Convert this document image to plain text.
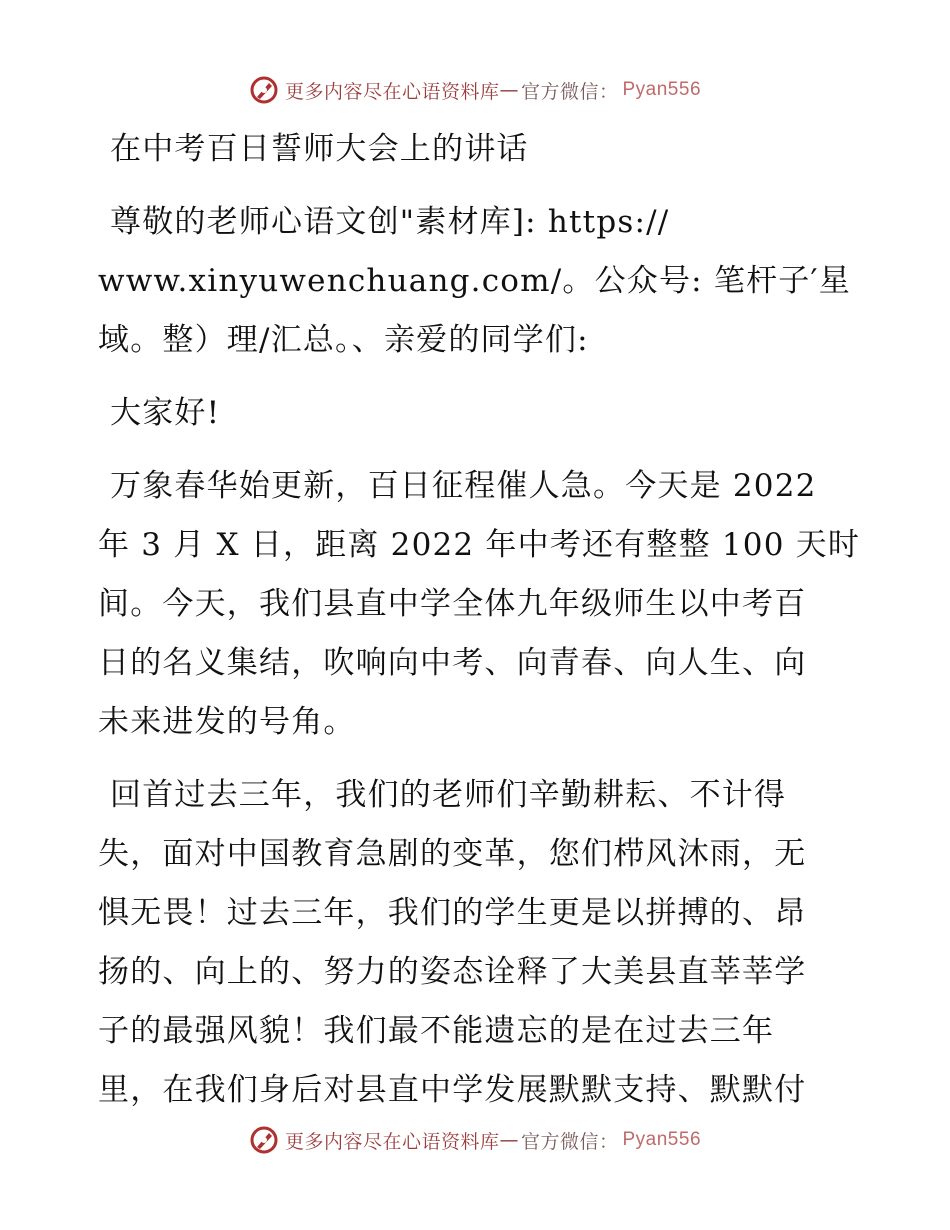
更多内容尽在心语资料库 — 官方微信： Pyan556
在中考百日誓师大会上的讲话
尊敬的老师心语文创"素材库]: https://
www.xinyuwenchuang.com/。公众号: 笔杆子′星
域。整）理/汇总。、亲爱的同学们:
大家好!
万象春华始更新，百日征程催人急。今天是 2022
年 3 月 X 日，距离 2022 年中考还有整整 100 天时
间。今天，我们县直中学全体九年级师生以中考百
日的名义集结，吹响向中考、向青春、向人生、向
未来进发的号角。
回首过去三年，我们的老师们辛勤耕耘、不计得
失，面对中国教育急剧的变革，您们栉风沐雨，无
惧无畏！过去三年，我们的学生更是以拼搏的、昂
扬的、向上的、努力的姿态诠释了大美县直莘莘学
子的最强风貌！我们最不能遗忘的是在过去三年
里，在我们身后对县直中学发展默默支持、默默付
更多内容尽在心语资料库 — 官方微信： Pyan556
